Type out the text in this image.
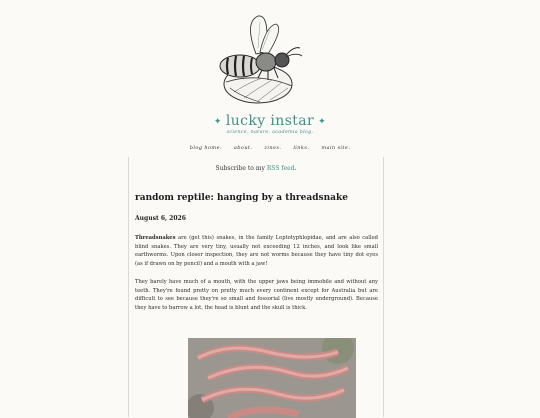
✦ lucky instar ✦
science, nature, academia blog.
blog home. about. zines. links. main site.
Subscribe to my RSS feed.
random reptile: hanging by a threadsnake
August 6, 2026
Threadsnakes are (get this) snakes, in the family Leptotyphlopidae, and are also called blind snakes. They are very tiny, usually not exceeding 12 inches, and look like small earthworms. Upon closer inspection, they are not worms because they have tiny dot eyes (as if drawn on by pencil) and a mouth with a jaw!
They barely have much of a mouth, with the upper jaws being immobile and without any teeth. They're found pretty on pretty much every continent except for Australia but are difficult to see because they're so small and fossorial (live mostly underground). Because they have to barrow a lot, the head is blunt and the skull is thick.
